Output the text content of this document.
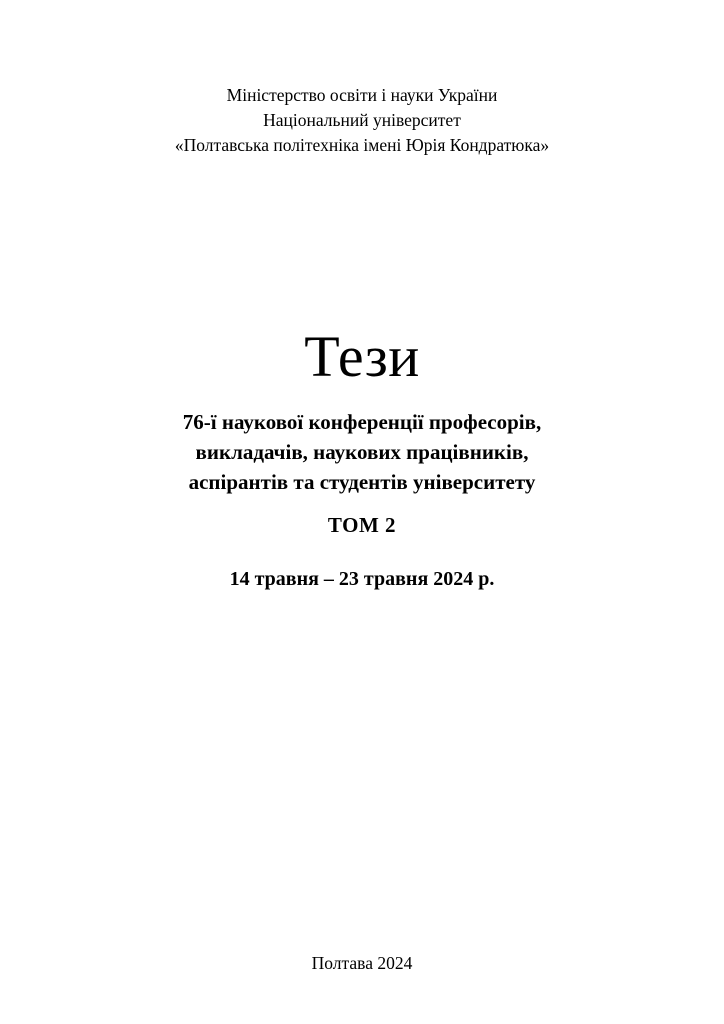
Міністерство освіти і науки України
Національний університет
«Полтавська політехніка імені Юрія Кондратюка»
Тези
76-ї наукової конференції професорів,
викладачів, наукових працівників,
аспірантів та студентів університету
ТОМ 2
14 травня – 23 травня 2024 р.
Полтава 2024
